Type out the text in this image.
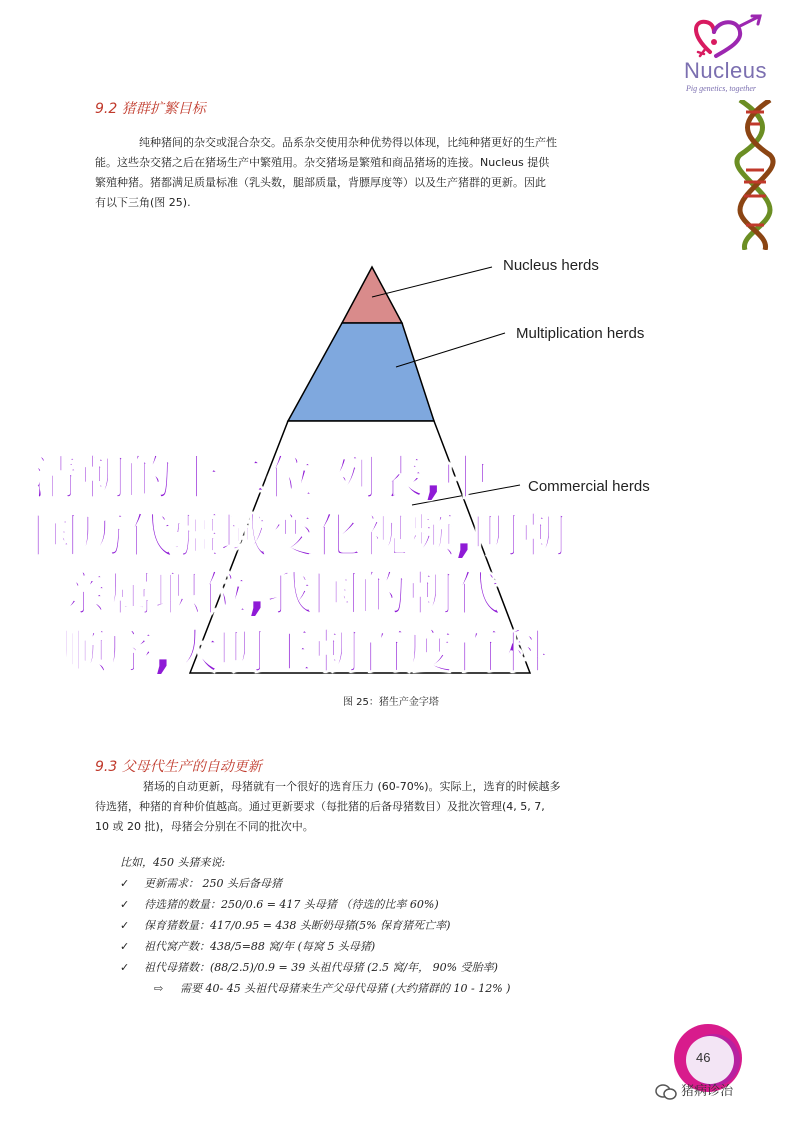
Nucleus
Pig genetics, together
9.2 猪群扩繁目标
纯种猪间的杂交或混合杂交。品系杂交使用杂种优势得以体现，比纯种猪更好的生产性
能。这些杂交猪之后在猪场生产中繁殖用。杂交猪场是繁殖和商品猪场的连接。Nucleus 提供
繁殖种猪。猪都满足质量标准（乳头数，腿部质量，背膘厚度等）以及生产猪群的更新。因此
有以下三角(图 25).
Nucleus herds
Multiplication herds
Commercial herds
图 25：猪生产金字塔
清朝的十二位 列表,中
国历代疆域变化视频,明朝
亲属职位,我国的朝代
顺序,大明王朝百度百科
9.3 父母代生产的自动更新
猪场的自动更新，母猪就有一个很好的选育压力 (60-70%)。实际上，选育的时候越多
待选猪，种猪的育种价值越高。通过更新要求（每批猪的后备母猪数目）及批次管理(4, 5, 7,
10 或 20 批)，母猪会分别在不同的批次中。
比如，450 头猪来说:
✓ 更新需求： 250 头后备母猪
✓ 待选猪的数量：250/0.6 = 417 头母猪 （待选的比率 60%)
✓ 保育猪数量：417/0.95 = 438 头断奶母猪(5% 保育猪死亡率)
✓ 祖代窝产数：438/5=88 窝/年 (每窝 5 头母猪)
✓ 祖代母猪数：(88/2.5)/0.9 = 39 头祖代母猪 (2.5 窝/年， 90% 受胎率)
⇨ 需要 40- 45 头祖代母猪来生产父母代母猪 (大约猪群的 10 - 12% )
46
猪病诊治
